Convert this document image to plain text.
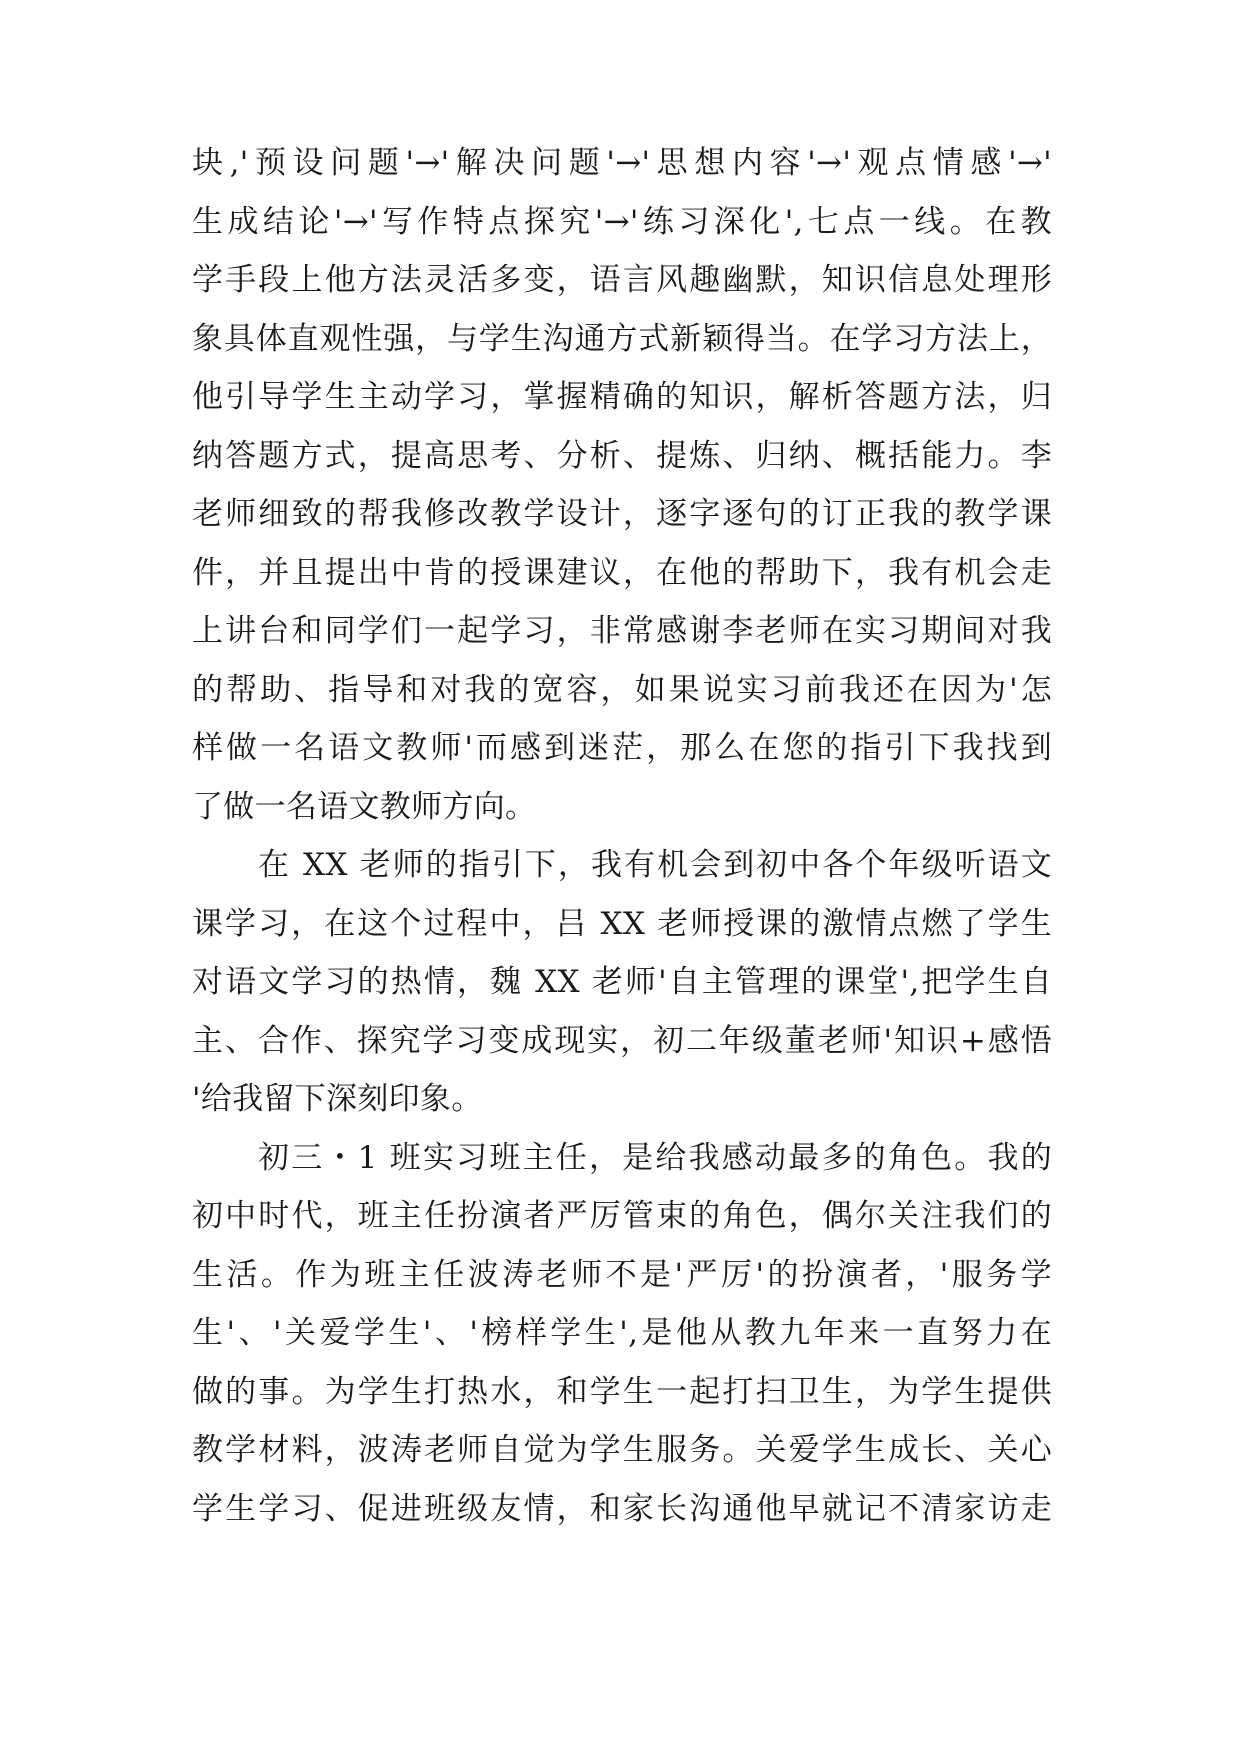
块,'预设问题'→'解决问题'→'思想内容'→'观点情感'→'
生成结论'→'写作特点探究'→'练习深化',七点一线。在教
学手段上他方法灵活多变，语言风趣幽默，知识信息处理形
象具体直观性强，与学生沟通方式新颖得当。在学习方法上，
他引导学生主动学习，掌握精确的知识，解析答题方法，归
纳答题方式，提高思考、分析、提炼、归纳、概括能力。李
老师细致的帮我修改教学设计，逐字逐句的订正我的教学课
件，并且提出中肯的授课建议，在他的帮助下，我有机会走
上讲台和同学们一起学习，非常感谢李老师在实习期间对我
的帮助、指导和对我的宽容，如果说实习前我还在因为'怎
样做一名语文教师'而感到迷茫，那么在您的指引下我找到
了做一名语文教师方向。
在 XX 老师的指引下，我有机会到初中各个年级听语文
课学习，在这个过程中，吕 XX 老师授课的激情点燃了学生
对语文学习的热情，魏 XX 老师'自主管理的课堂',把学生自
主、合作、探究学习变成现实，初二年级董老师'知识+感悟
'给我留下深刻印象。
初三・1 班实习班主任，是给我感动最多的角色。我的
初中时代，班主任扮演者严厉管束的角色，偶尔关注我们的
生活。作为班主任波涛老师不是'严厉'的扮演者，'服务学
生'、'关爱学生'、'榜样学生',是他从教九年来一直努力在
做的事。为学生打热水，和学生一起打扫卫生，为学生提供
教学材料，波涛老师自觉为学生服务。关爱学生成长、关心
学生学习、促进班级友情，和家长沟通他早就记不清家访走
